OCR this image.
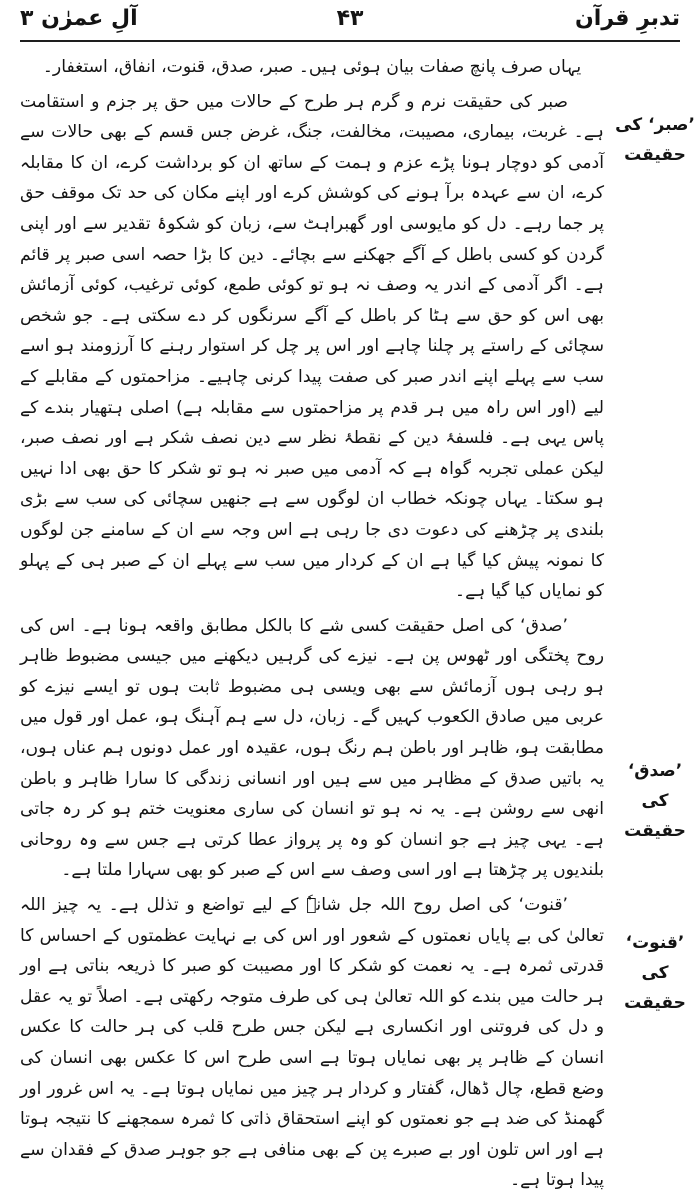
تدبرِ قرآن
۴۳
آلِ عمرٰن ۳
’صبر‘ کی حقیقت
’صدق‘ کی حقیقت
’قنوت‘ کی حقیقت

یہاں صرف پانچ صفات بیان ہوئی ہیں۔ صبر، صدق، قنوت، انفاق، استغفار۔

صبر کی حقیقت نرم و گرم ہر طرح کے حالات میں حق پر جزم و استقامت ہے۔ غربت، بیماری، مصیبت، مخالفت، جنگ، غرض جس قسم کے بھی حالات سے آدمی کو دوچار ہونا پڑے عزم و ہمت کے ساتھ ان کو برداشت کرے، ان کا مقابلہ کرے، ان سے عہدہ برآ ہونے کی کوشش کرے اور اپنے مکان کی حد تک موقف حق پر جما رہے۔ دل کو مایوسی اور گھبراہٹ سے، زبان کو شکوۂ تقدیر سے اور اپنی گردن کو کسی باطل کے آگے جھکنے سے بچائے۔ دین کا بڑا حصہ اسی صبر پر قائم ہے۔ اگر آدمی کے اندر یہ وصف نہ ہو تو کوئی طمع، کوئی ترغیب، کوئی آزمائش بھی اس کو حق سے ہٹا کر باطل کے آگے سرنگوں کر دے سکتی ہے۔ جو شخص سچائی کے راستے پر چلنا چاہے اور اس پر چل کر استوار رہنے کا آرزومند ہو اسے سب سے پہلے اپنے اندر صبر کی صفت پیدا کرنی چاہیے۔ مزاحمتوں کے مقابلے کے لیے (اور اس راہ میں ہر قدم پر مزاحمتوں سے مقابلہ ہے) اصلی ہتھیار بندے کے پاس یہی ہے۔ فلسفۂ دین کے نقطۂ نظر سے دین نصف شکر ہے اور نصف صبر، لیکن عملی تجربہ گواہ ہے کہ آدمی میں صبر نہ ہو تو شکر کا حق بھی ادا نہیں ہو سکتا۔ یہاں چونکہ خطاب ان لوگوں سے ہے جنھیں سچائی کی سب سے بڑی بلندی پر چڑھنے کی دعوت دی جا رہی ہے اس وجہ سے ان کے سامنے جن لوگوں کا نمونہ پیش کیا گیا ہے ان کے کردار میں سب سے پہلے ان کے صبر ہی کے پہلو کو نمایاں کیا گیا ہے۔

’صدق‘ کی اصل حقیقت کسی شے کا بالکل مطابق واقعہ ہونا ہے۔ اس کی روح پختگی اور ٹھوس پن ہے۔ نیزے کی گرہیں دیکھنے میں جیسی مضبوط ظاہر ہو رہی ہوں آزمائش سے بھی ویسی ہی مضبوط ثابت ہوں تو ایسے نیزے کو عربی میں صادق الکعوب کہیں گے۔ زبان، دل سے ہم آہنگ ہو، عمل اور قول میں مطابقت ہو، ظاہر اور باطن ہم رنگ ہوں، عقیدہ اور عمل دونوں ہم عناں ہوں، یہ باتیں صدق کے مظاہر میں سے ہیں اور انسانی زندگی کا سارا ظاہر و باطن انھی سے روشن ہے۔ یہ نہ ہو تو انسان کی ساری معنویت ختم ہو کر رہ جاتی ہے۔ یہی چیز ہے جو انسان کو وہ پر پرواز عطا کرتی ہے جس سے وہ روحانی بلندیوں پر چڑھتا ہے اور اسی وصف سے اس کے صبر کو بھی سہارا ملتا ہے۔

’قنوت‘ کی اصل روح اللہ جل شانہٗ کے لیے تواضع و تذلل ہے۔ یہ چیز اللہ تعالیٰ کی بے پایاں نعمتوں کے شعور اور اس کی بے نہایت عظمتوں کے احساس کا قدرتی ثمرہ ہے۔ یہ نعمت کو شکر کا اور مصیبت کو صبر کا ذریعہ بناتی ہے اور ہر حالت میں بندے کو اللہ تعالیٰ ہی کی طرف متوجہ رکھتی ہے۔ اصلاً تو یہ عقل و دل کی فروتنی اور انکساری ہے لیکن جس طرح قلب کی ہر حالت کا عکس انسان کے ظاہر پر بھی نمایاں ہوتا ہے اسی طرح اس کا عکس بھی انسان کی وضع قطع، چال ڈھال، گفتار و کردار ہر چیز میں نمایاں ہوتا ہے۔ یہ اس غرور اور گھمنڈ کی ضد ہے جو نعمتوں کو اپنے استحقاق ذاتی کا ثمرہ سمجھنے کا نتیجہ ہوتا ہے اور اس تلون اور بے صبرے پن کے بھی منافی ہے جو جوہر صدق کے فقدان سے پیدا ہوتا ہے۔
